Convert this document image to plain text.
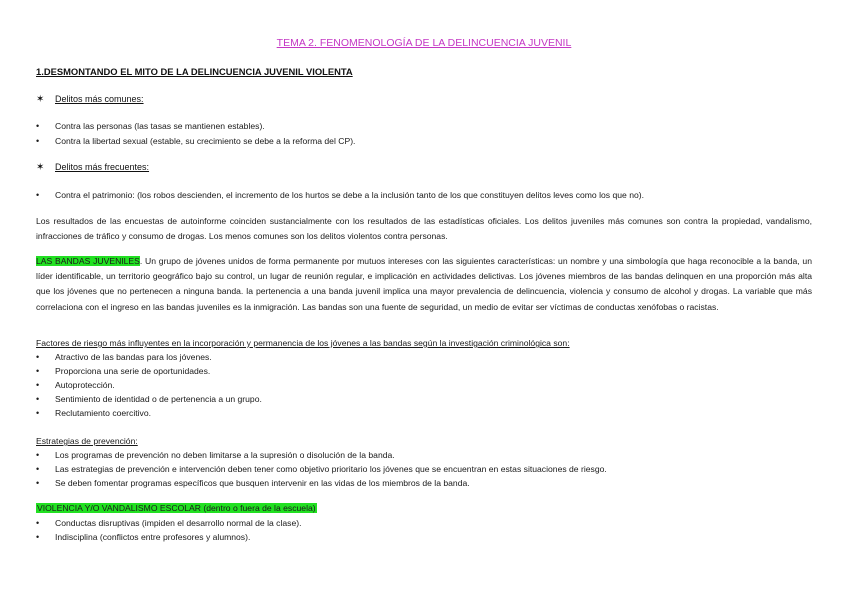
TEMA 2. FENOMENOLOGÍA DE LA DELINCUENCIA JUVENIL
1.DESMONTANDO EL MITO DE LA DELINCUENCIA JUVENIL VIOLENTA
✶ Delitos más comunes:
• Contra las personas (las tasas se mantienen estables).
• Contra la libertad sexual (estable, su crecimiento se debe a la reforma del CP).
✶ Delitos más frecuentes:
• Contra el patrimonio: (los robos descienden, el incremento de los hurtos se debe a la inclusión tanto de los que constituyen delitos leves como los que no).
Los resultados de las encuestas de autoinforme coinciden sustancialmente con los resultados de las estadísticas oficiales. Los delitos juveniles más comunes son contra la propiedad, vandalismo, infracciones de tráfico y consumo de drogas. Los menos comunes son los delitos violentos contra personas.
LAS BANDAS JUVENILES. Un grupo de jóvenes unidos de forma permanente por mutuos intereses con las siguientes características: un nombre y una simbología que haga reconocible a la banda, un líder identificable, un territorio geográfico bajo su control, un lugar de reunión regular, e implicación en actividades delictivas. Los jóvenes miembros de las bandas delinquen en una proporción más alta que los jóvenes que no pertenecen a ninguna banda. la pertenencia a una banda juvenil implica una mayor prevalencia de delincuencia, violencia y consumo de alcohol y drogas. La variable que más correlaciona con el ingreso en las bandas juveniles es la inmigración. Las bandas son una fuente de seguridad, un medio de evitar ser víctimas de conductas xenófobas o racistas.
Factores de riesgo más influyentes en la incorporación y permanencia de los jóvenes a las bandas según la investigación criminológica son:
• Atractivo de las bandas para los jóvenes.
• Proporciona una serie de oportunidades.
• Autoprotección.
• Sentimiento de identidad o de pertenencia a un grupo.
• Reclutamiento coercitivo.
Estrategias de prevención:
• Los programas de prevención no deben limitarse a la supresión o disolución de la banda.
• Las estrategias de prevención e intervención deben tener como objetivo prioritario los jóvenes que se encuentran en estas situaciones de riesgo.
• Se deben fomentar programas específicos que busquen intervenir en las vidas de los miembros de la banda.
VIOLENCIA Y/O VANDALISMO ESCOLAR (dentro o fuera de la escuela)
• Conductas disruptivas (impiden el desarrollo normal de la clase).
• Indisciplina (conflictos entre profesores y alumnos).
